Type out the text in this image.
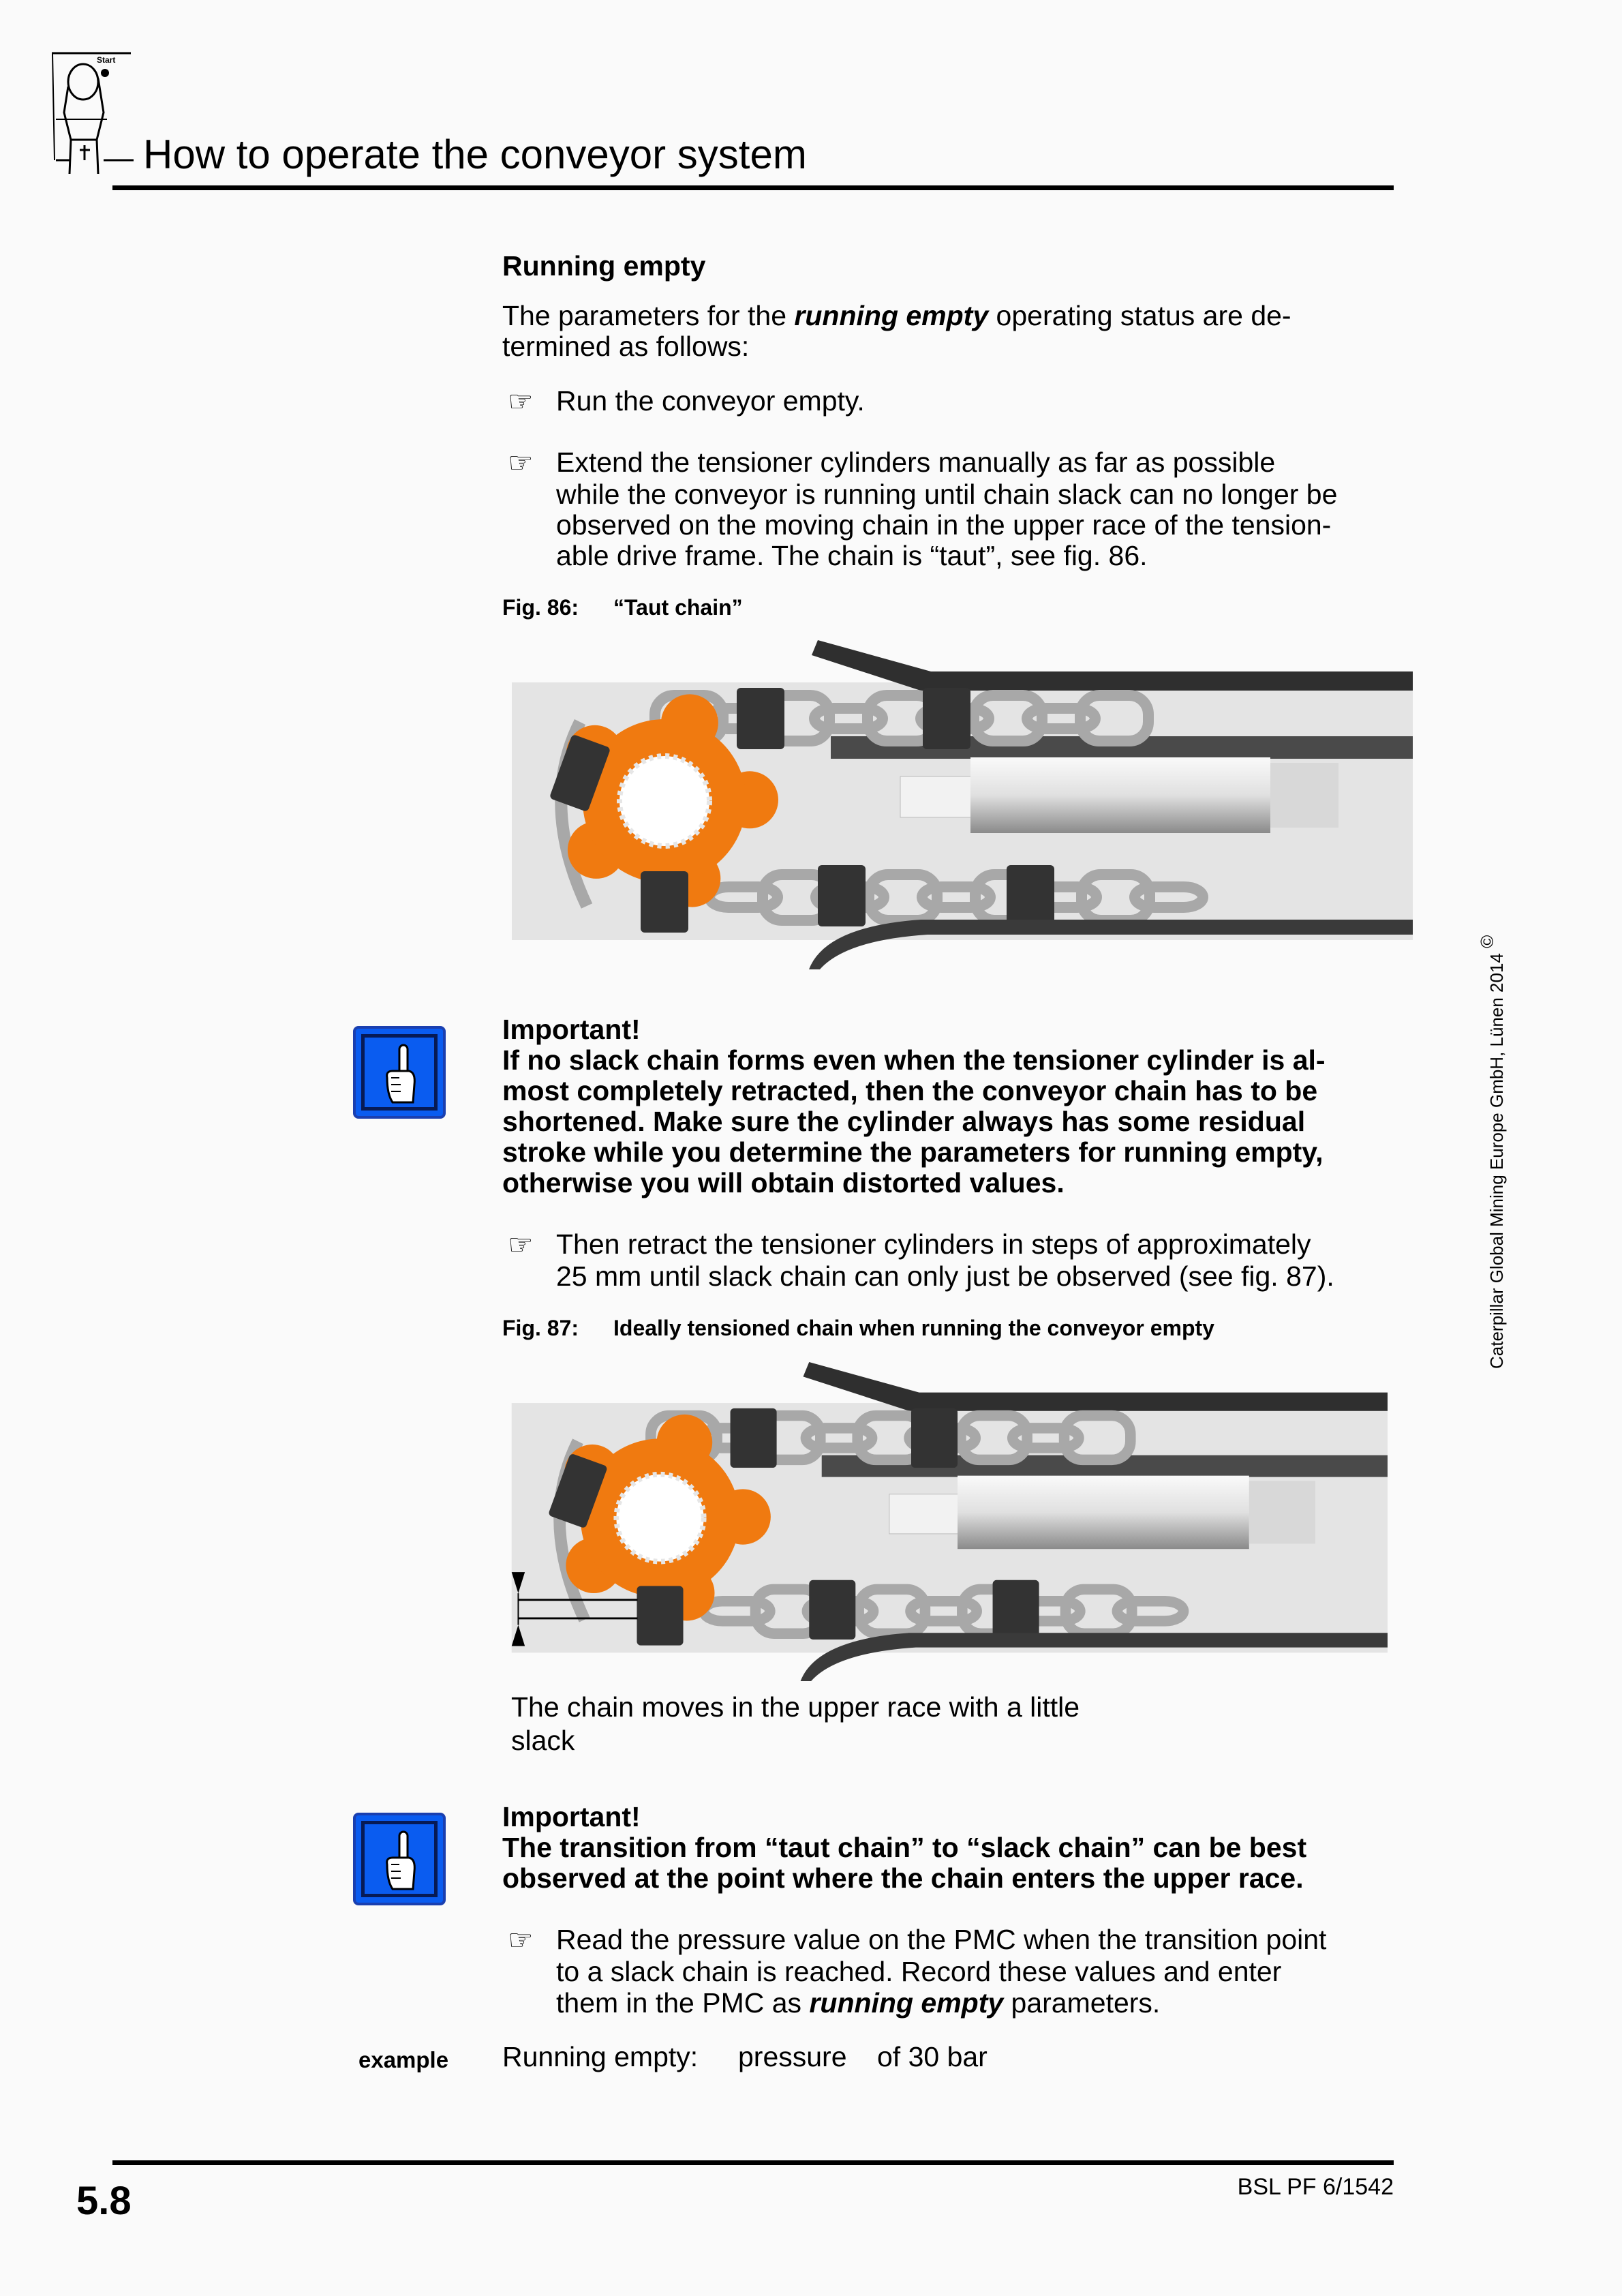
Start
How to operate the conveyor system
Running empty
The parameters for the running empty operating status are de-
termined as follows:
☞ Run the conveyor empty.
☞ Extend the tensioner cylinders manually as far as possible
while the conveyor is running until chain slack can no longer be
observed on the moving chain in the upper race of the tension-
able drive frame. The chain is “taut”, see fig. 86.
Fig. 86: “Taut chain”
Important!
If no slack chain forms even when the tensioner cylinder is al-
most completely retracted, then the conveyor chain has to be
shortened. Make sure the cylinder always has some residual
stroke while you determine the parameters for running empty,
otherwise you will obtain distorted values.
☞ Then retract the tensioner cylinders in steps of approximately
25 mm until slack chain can only just be observed (see fig. 87).
Fig. 87: Ideally tensioned chain when running the conveyor empty
The chain moves in the upper race with a little
slack
Important!
The transition from “taut chain” to “slack chain” can be best
observed at the point where the chain enters the upper race.
☞ Read the pressure value on the PMC when the transition point
to a slack chain is reached. Record these values and enter
them in the PMC as running empty parameters.
example Running empty: pressure of 30 bar
5.8	BSL PF 6/1542
Caterpillar Global Mining Europe GmbH, Lünen 2014 ©
